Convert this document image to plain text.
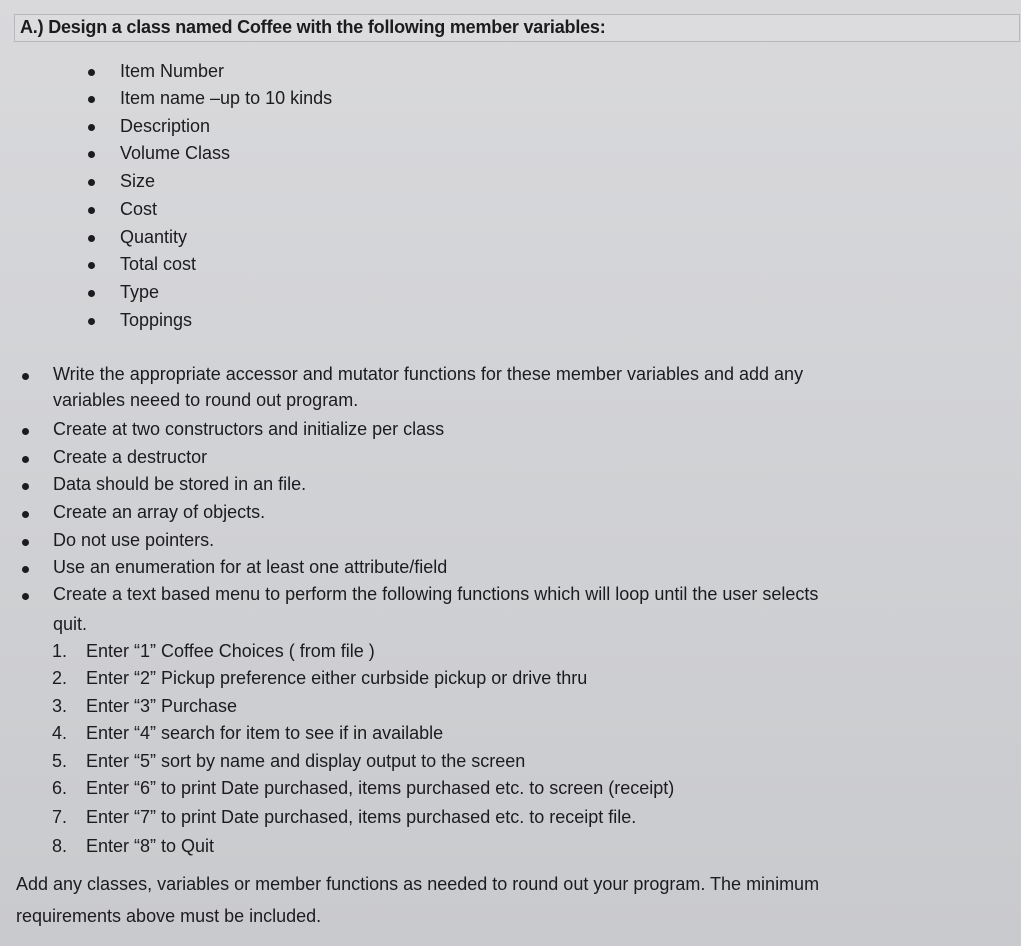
A.) Design a class named Coffee with the following member variables:
Item Number
Item name –up to 10 kinds
Description
Volume Class
Size
Cost
Quantity
Total cost
Type
Toppings
Write the appropriate accessor and mutator functions for these member variables and add any
variables neeed to round out program.
Create at two constructors and initialize per class
Create a destructor
Data should be stored in an file.
Create an array of objects.
Do not use pointers.
Use an enumeration for at least one attribute/field
Create a text based menu to perform the following functions which will loop until the user selects
quit.
1. Enter “1” Coffee Choices ( from file )
2. Enter “2” Pickup preference either curbside pickup or drive thru
3. Enter “3” Purchase
4. Enter “4” search for item to see if in available
5. Enter “5” sort by name and display output to the screen
6. Enter “6” to print Date purchased, items purchased etc. to screen (receipt)
7. Enter “7” to print Date purchased, items purchased etc. to receipt file.
8. Enter “8” to Quit
Add any classes, variables or member functions as needed to round out your program. The minimum
requirements above must be included.
